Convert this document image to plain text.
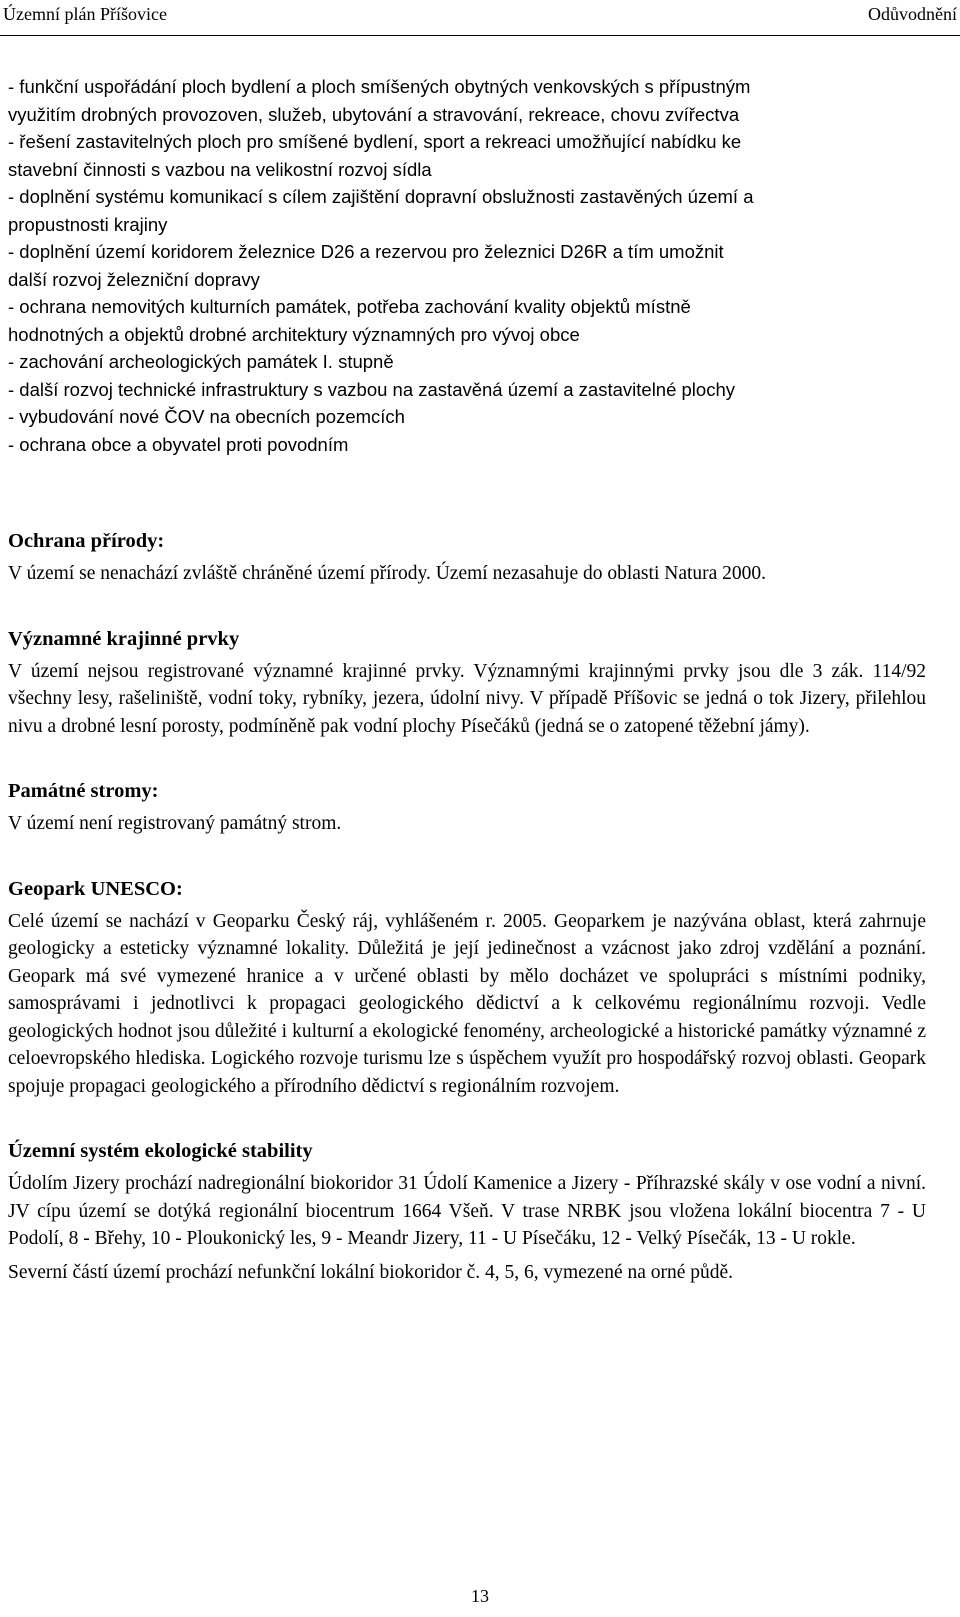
Územní plán Příšovice	Odůvodnění
- funkční uspořádání ploch bydlení a ploch smíšených obytných venkovských s přípustným
využitím drobných provozoven, služeb, ubytování a stravování, rekreace, chovu zvířectva
- řešení zastavitelných ploch pro smíšené bydlení, sport a rekreaci umožňující nabídku ke
stavební činnosti s vazbou na velikostní rozvoj sídla
- doplnění systému komunikací s cílem zajištění dopravní obslužnosti zastavěných území a
propustnosti krajiny
- doplnění území koridorem železnice D26 a rezervou pro železnici D26R a tím umožnit
další rozvoj železniční dopravy
- ochrana nemovitých kulturních památek, potřeba zachování kvality objektů místně
hodnotných a objektů drobné architektury významných pro vývoj obce
- zachování archeologických památek I. stupně
- další rozvoj technické infrastruktury s vazbou na zastavěná území a zastavitelné plochy
- vybudování nové ČOV na obecních pozemcích
- ochrana obce a obyvatel proti povodním
Ochrana přírody:
V území se nenachází zvláště chráněné území přírody. Území nezasahuje do oblasti Natura 2000.
Významné krajinné prvky
V území nejsou registrované významné krajinné prvky. Významnými krajinnými prvky jsou dle 3 zák. 114/92 všechny lesy, rašeliniště, vodní toky, rybníky, jezera, údolní nivy. V případě Příšovic se jedná o tok Jizery, přilehlou nivu a drobné lesní porosty, podmíněně pak vodní plochy Písečáků (jedná se o zatopené těžební jámy).
Památné stromy:
V území není registrovaný památný strom.
Geopark UNESCO:
Celé území se nachází v Geoparku Český ráj, vyhlášeném r. 2005. Geoparkem je nazývána oblast, která zahrnuje geologicky a esteticky významné lokality. Důležitá je její jedinečnost a vzácnost jako zdroj vzdělání a poznání. Geopark má své vymezené hranice a v určené oblasti by mělo docházet ve spolupráci s místními podniky, samosprávami i jednotlivci k propagaci geologického dědictví a k celkovému regionálnímu rozvoji. Vedle geologických hodnot jsou důležité i kulturní a ekologické fenomény, archeologické a historické památky významné z celoevropského hlediska. Logického rozvoje turismu lze s úspěchem využít pro hospodářský rozvoj oblasti. Geopark spojuje propagaci geologického a přírodního dědictví s regionálním rozvojem.
Územní systém ekologické stability
Údolím Jizery prochází nadregionální biokoridor 31 Údolí Kamenice a Jizery - Příhrazské skály v ose vodní a nivní. JV cípu území se dotýká regionální biocentrum 1664 Všeň. V trase NRBK jsou vložena lokální biocentra 7 - U Podolí, 8 - Břehy, 10 - Ploukonický les, 9 - Meandr Jizery, 11 - U Písečáku, 12 - Velký Písečák, 13 - U rokle.
Severní částí území prochází nefunkční lokální biokoridor č. 4, 5, 6, vymezené na orné půdě.
13
